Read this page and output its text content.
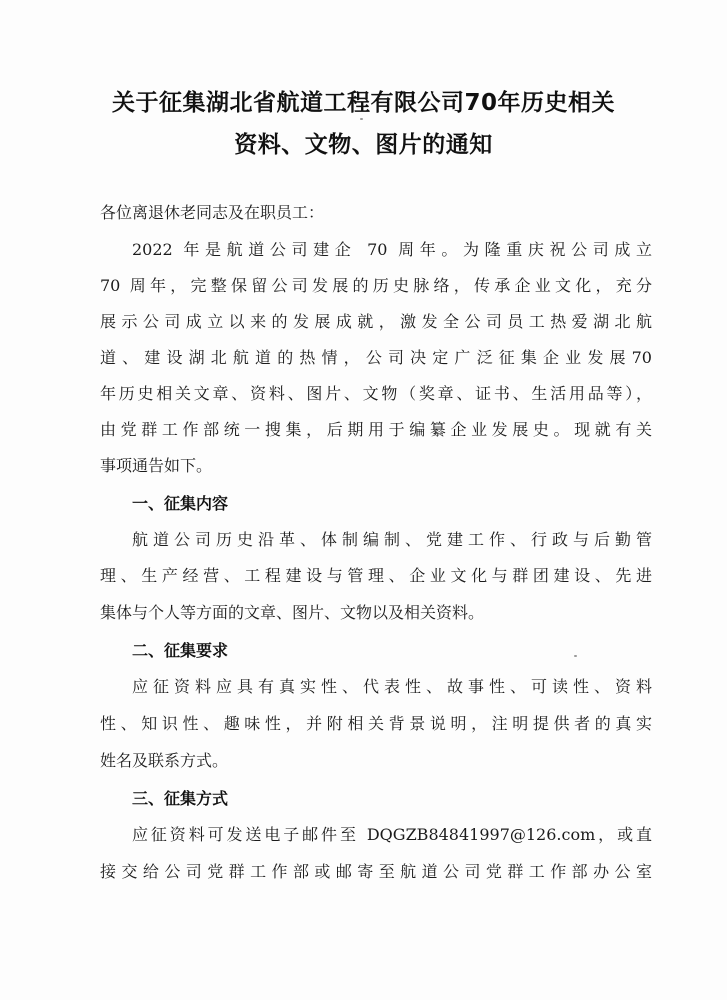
关于征集湖北省航道工程有限公司70年历史相关
资料、文物、图片的通知
各位离退休老同志及在职员工：
2022 年是航道公司建企 70 周年。为隆重庆祝公司成立
70 周年，完整保留公司发展的历史脉络，传承企业文化，充分
展示公司成立以来的发展成就，激发全公司员工热爱湖北航
道、建设湖北航道的热情，公司决定广泛征集企业发展70
年历史相关文章、资料、图片、文物（奖章、证书、生活用品等），
由党群工作部统一搜集，后期用于编纂企业发展史。现就有关
事项通告如下。
一、征集内容
航道公司历史沿革、体制编制、党建工作、行政与后勤管
理、生产经营、工程建设与管理、企业文化与群团建设、先进
集体与个人等方面的文章、图片、文物以及相关资料。
二、征集要求
应征资料应具有真实性、代表性、故事性、可读性、资料
性、知识性、趣味性，并附相关背景说明，注明提供者的真实
姓名及联系方式。
三、征集方式
应征资料可发送电子邮件至 DQGZB84841997@126.com，或直
接交给公司党群工作部或邮寄至航道公司党群工作部办公室
